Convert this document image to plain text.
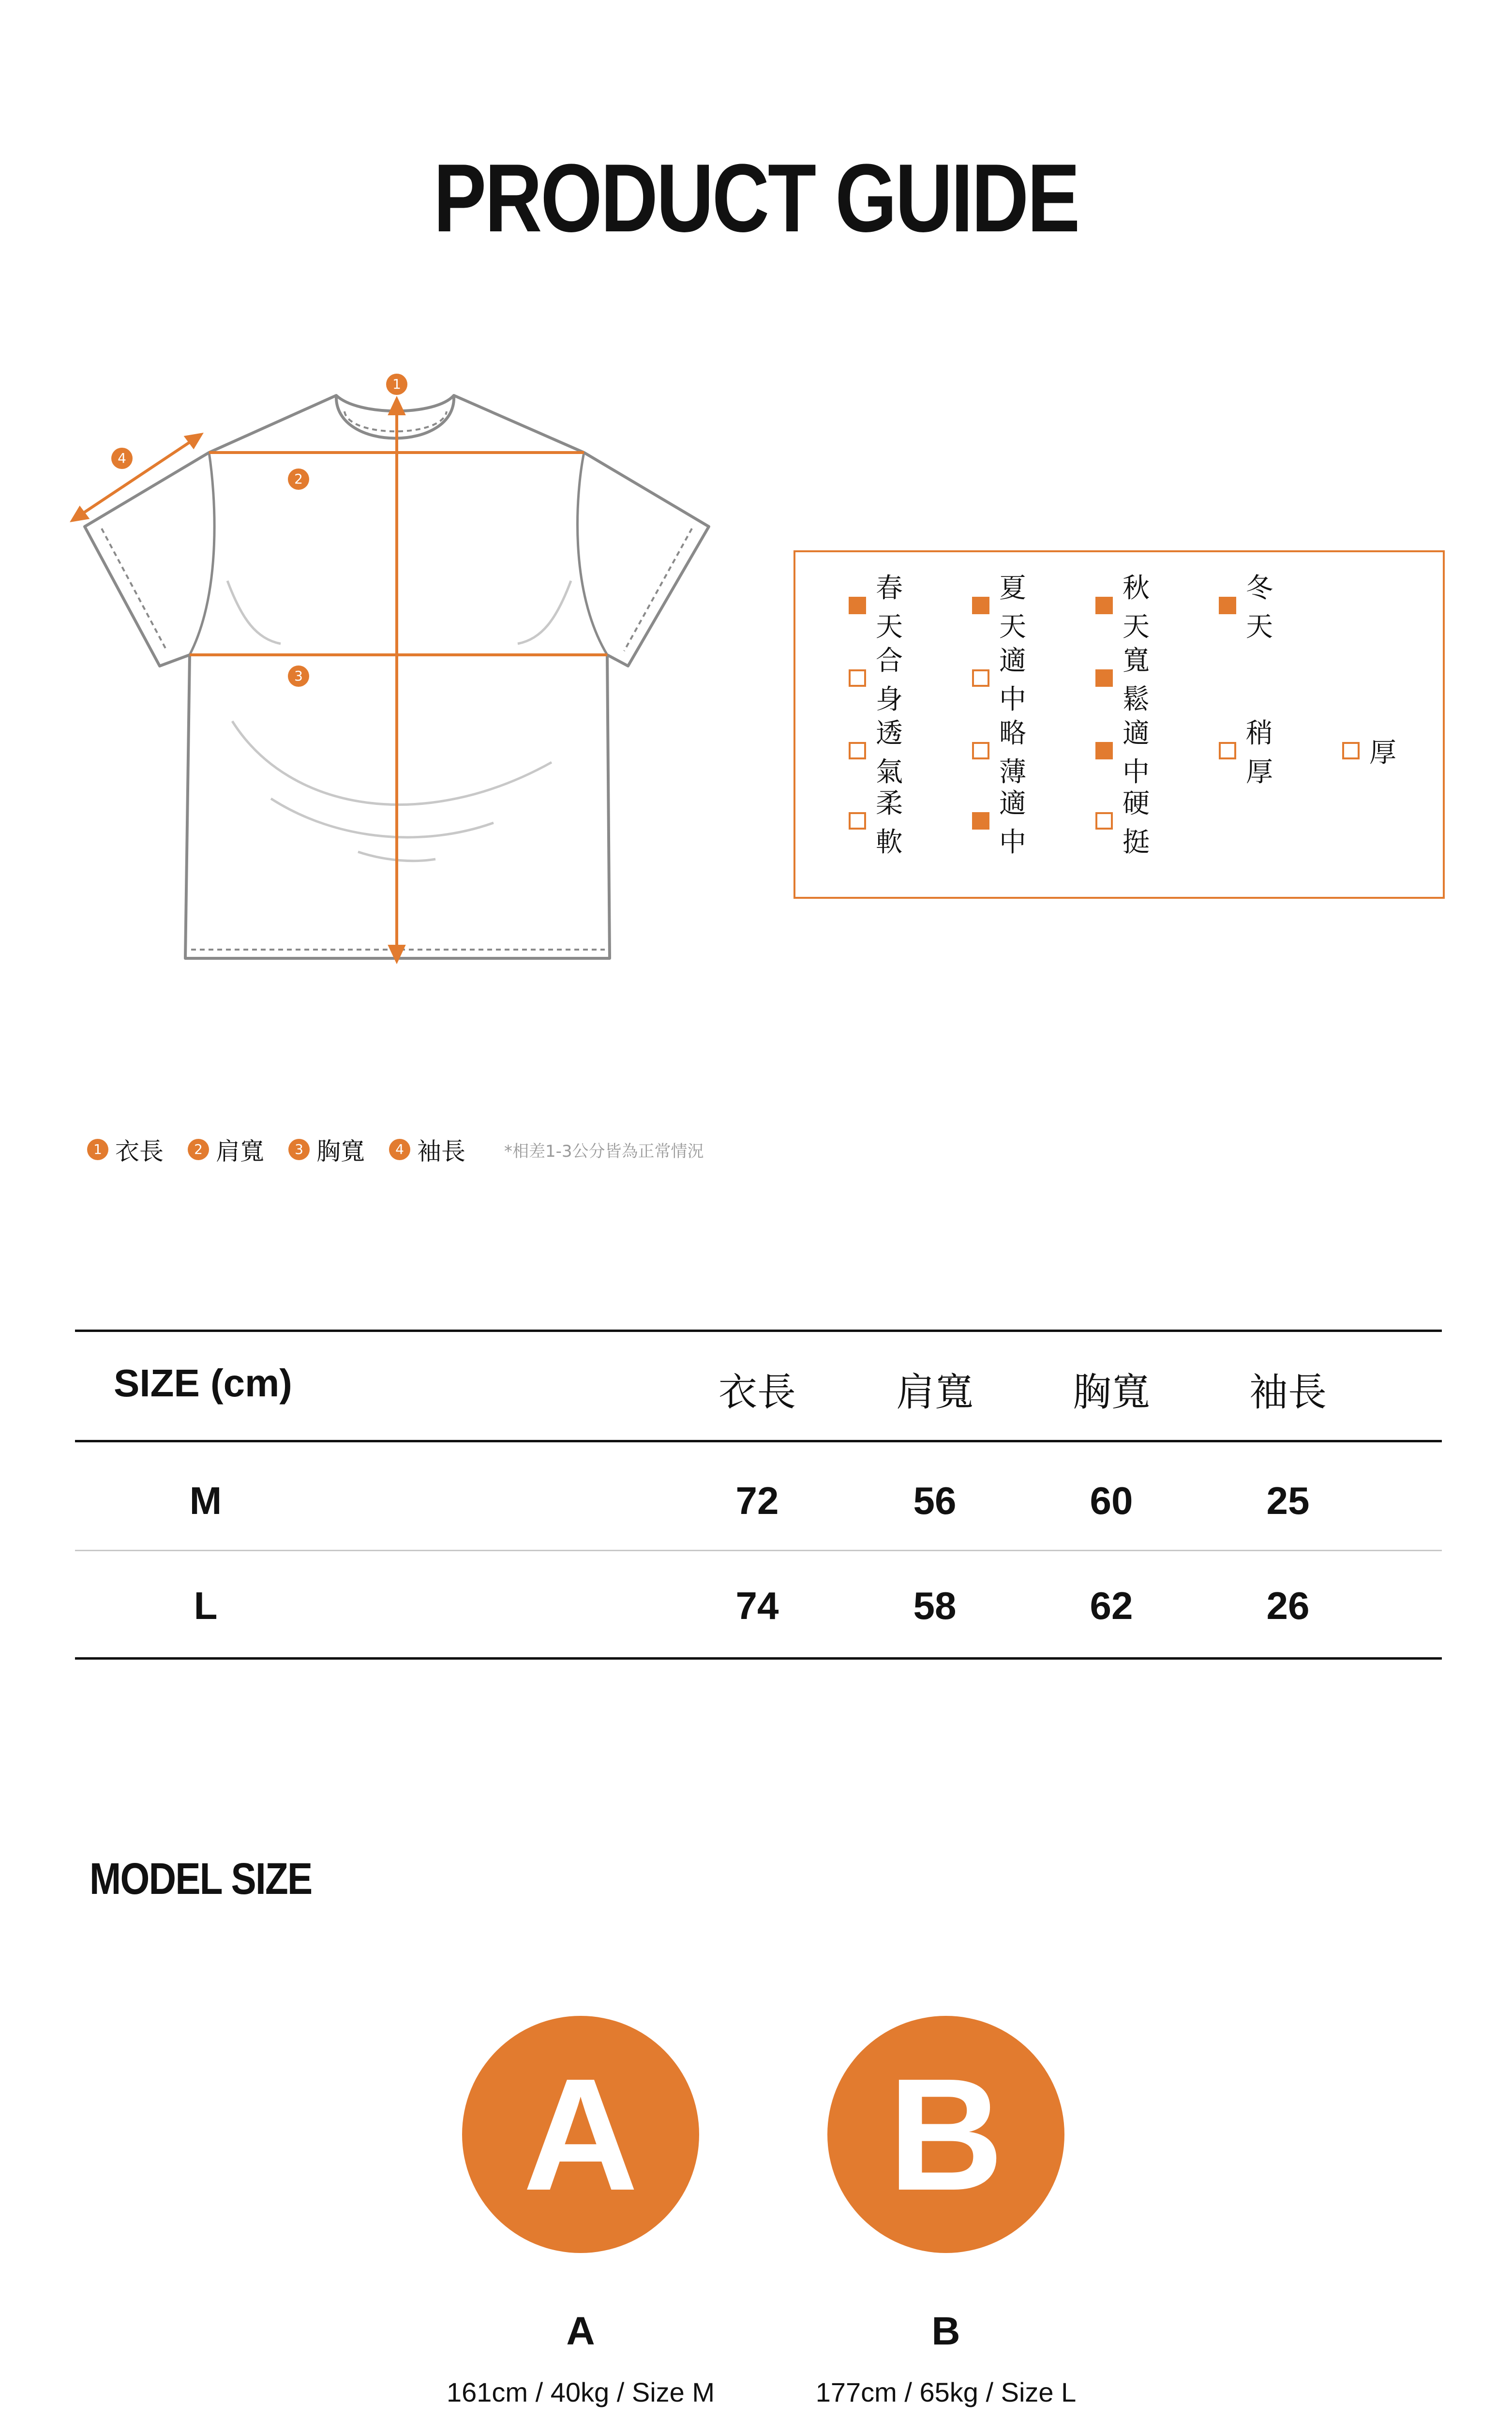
PRODUCT GUIDE
1
2
3
4
春天
夏天
秋天
冬天
合身
適中
寬鬆
透氣
略薄
適中
稍厚
厚
柔軟
適中
硬挺
1 衣長	2 肩寬	3 胸寬	4 袖長 *相差1-3公分皆為正常情況
SIZE (cm)	衣長	肩寬	胸寬	袖長
M	72	56	60	25
L	74	58	62	26
MODEL SIZE
A	B
A	B
161cm / 40kg / Size M	177cm / 65kg / Size L
